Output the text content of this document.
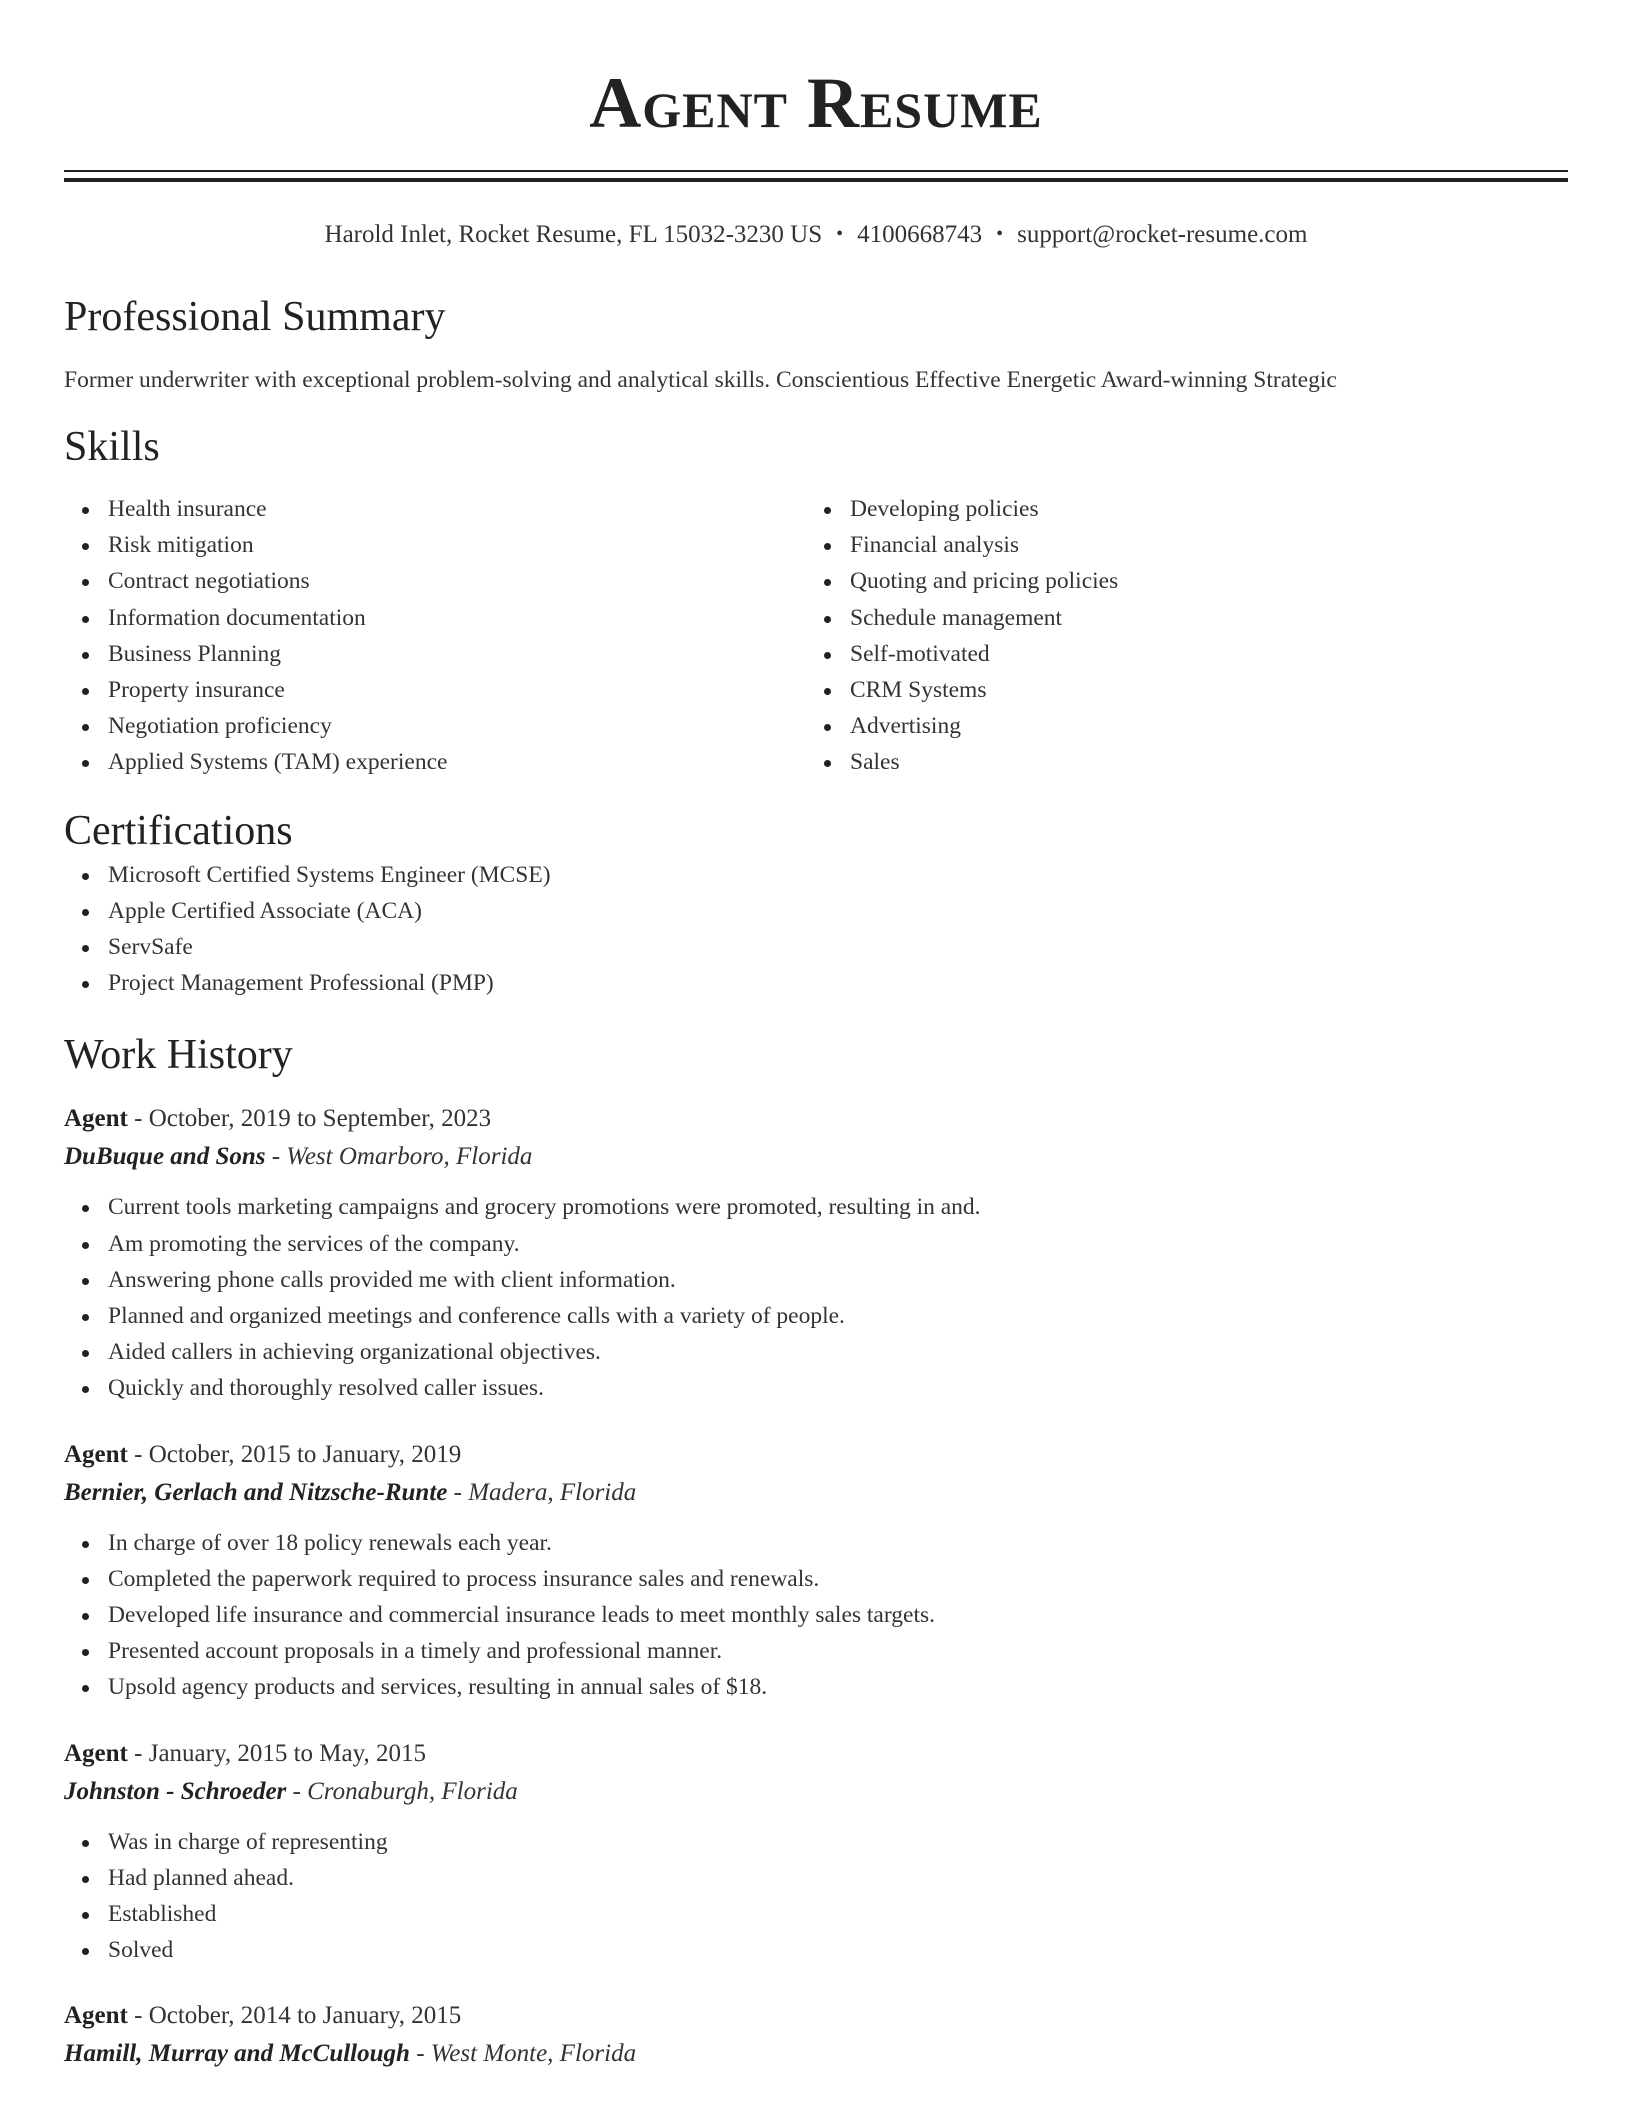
Agent Resume
Harold Inlet, Rocket Resume, FL 15032-3230 US • 4100668743 • support@rocket-resume.com
Professional Summary

Former underwriter with exceptional problem-solving and analytical skills. Conscientious Effective Energetic Award-winning Strategic

Skills
Health insurance
Risk mitigation
Contract negotiations
Information documentation
Business Planning
Property insurance
Negotiation proficiency
Applied Systems (TAM) experience
Developing policies
Financial analysis
Quoting and pricing policies
Schedule management
Self-motivated
CRM Systems
Advertising
Sales
Certifications
Microsoft Certified Systems Engineer (MCSE)
Apple Certified Associate (ACA)
ServSafe
Project Management Professional (PMP)
Work History
Agent - October, 2019 to September, 2023
DuBuque and Sons - West Omarboro, Florida
Current tools marketing campaigns and grocery promotions were promoted, resulting in and.
Am promoting the services of the company.
Answering phone calls provided me with client information.
Planned and organized meetings and conference calls with a variety of people.
Aided callers in achieving organizational objectives.
Quickly and thoroughly resolved caller issues.
Agent - October, 2015 to January, 2019
Bernier, Gerlach and Nitzsche-Runte - Madera, Florida
In charge of over 18 policy renewals each year.
Completed the paperwork required to process insurance sales and renewals.
Developed life insurance and commercial insurance leads to meet monthly sales targets.
Presented account proposals in a timely and professional manner.
Upsold agency products and services, resulting in annual sales of $18.
Agent - January, 2015 to May, 2015
Johnston - Schroeder - Cronaburgh, Florida
Was in charge of representing
Had planned ahead.
Established
Solved
Agent - October, 2014 to January, 2015
Hamill, Murray and McCullough - West Monte, Florida
